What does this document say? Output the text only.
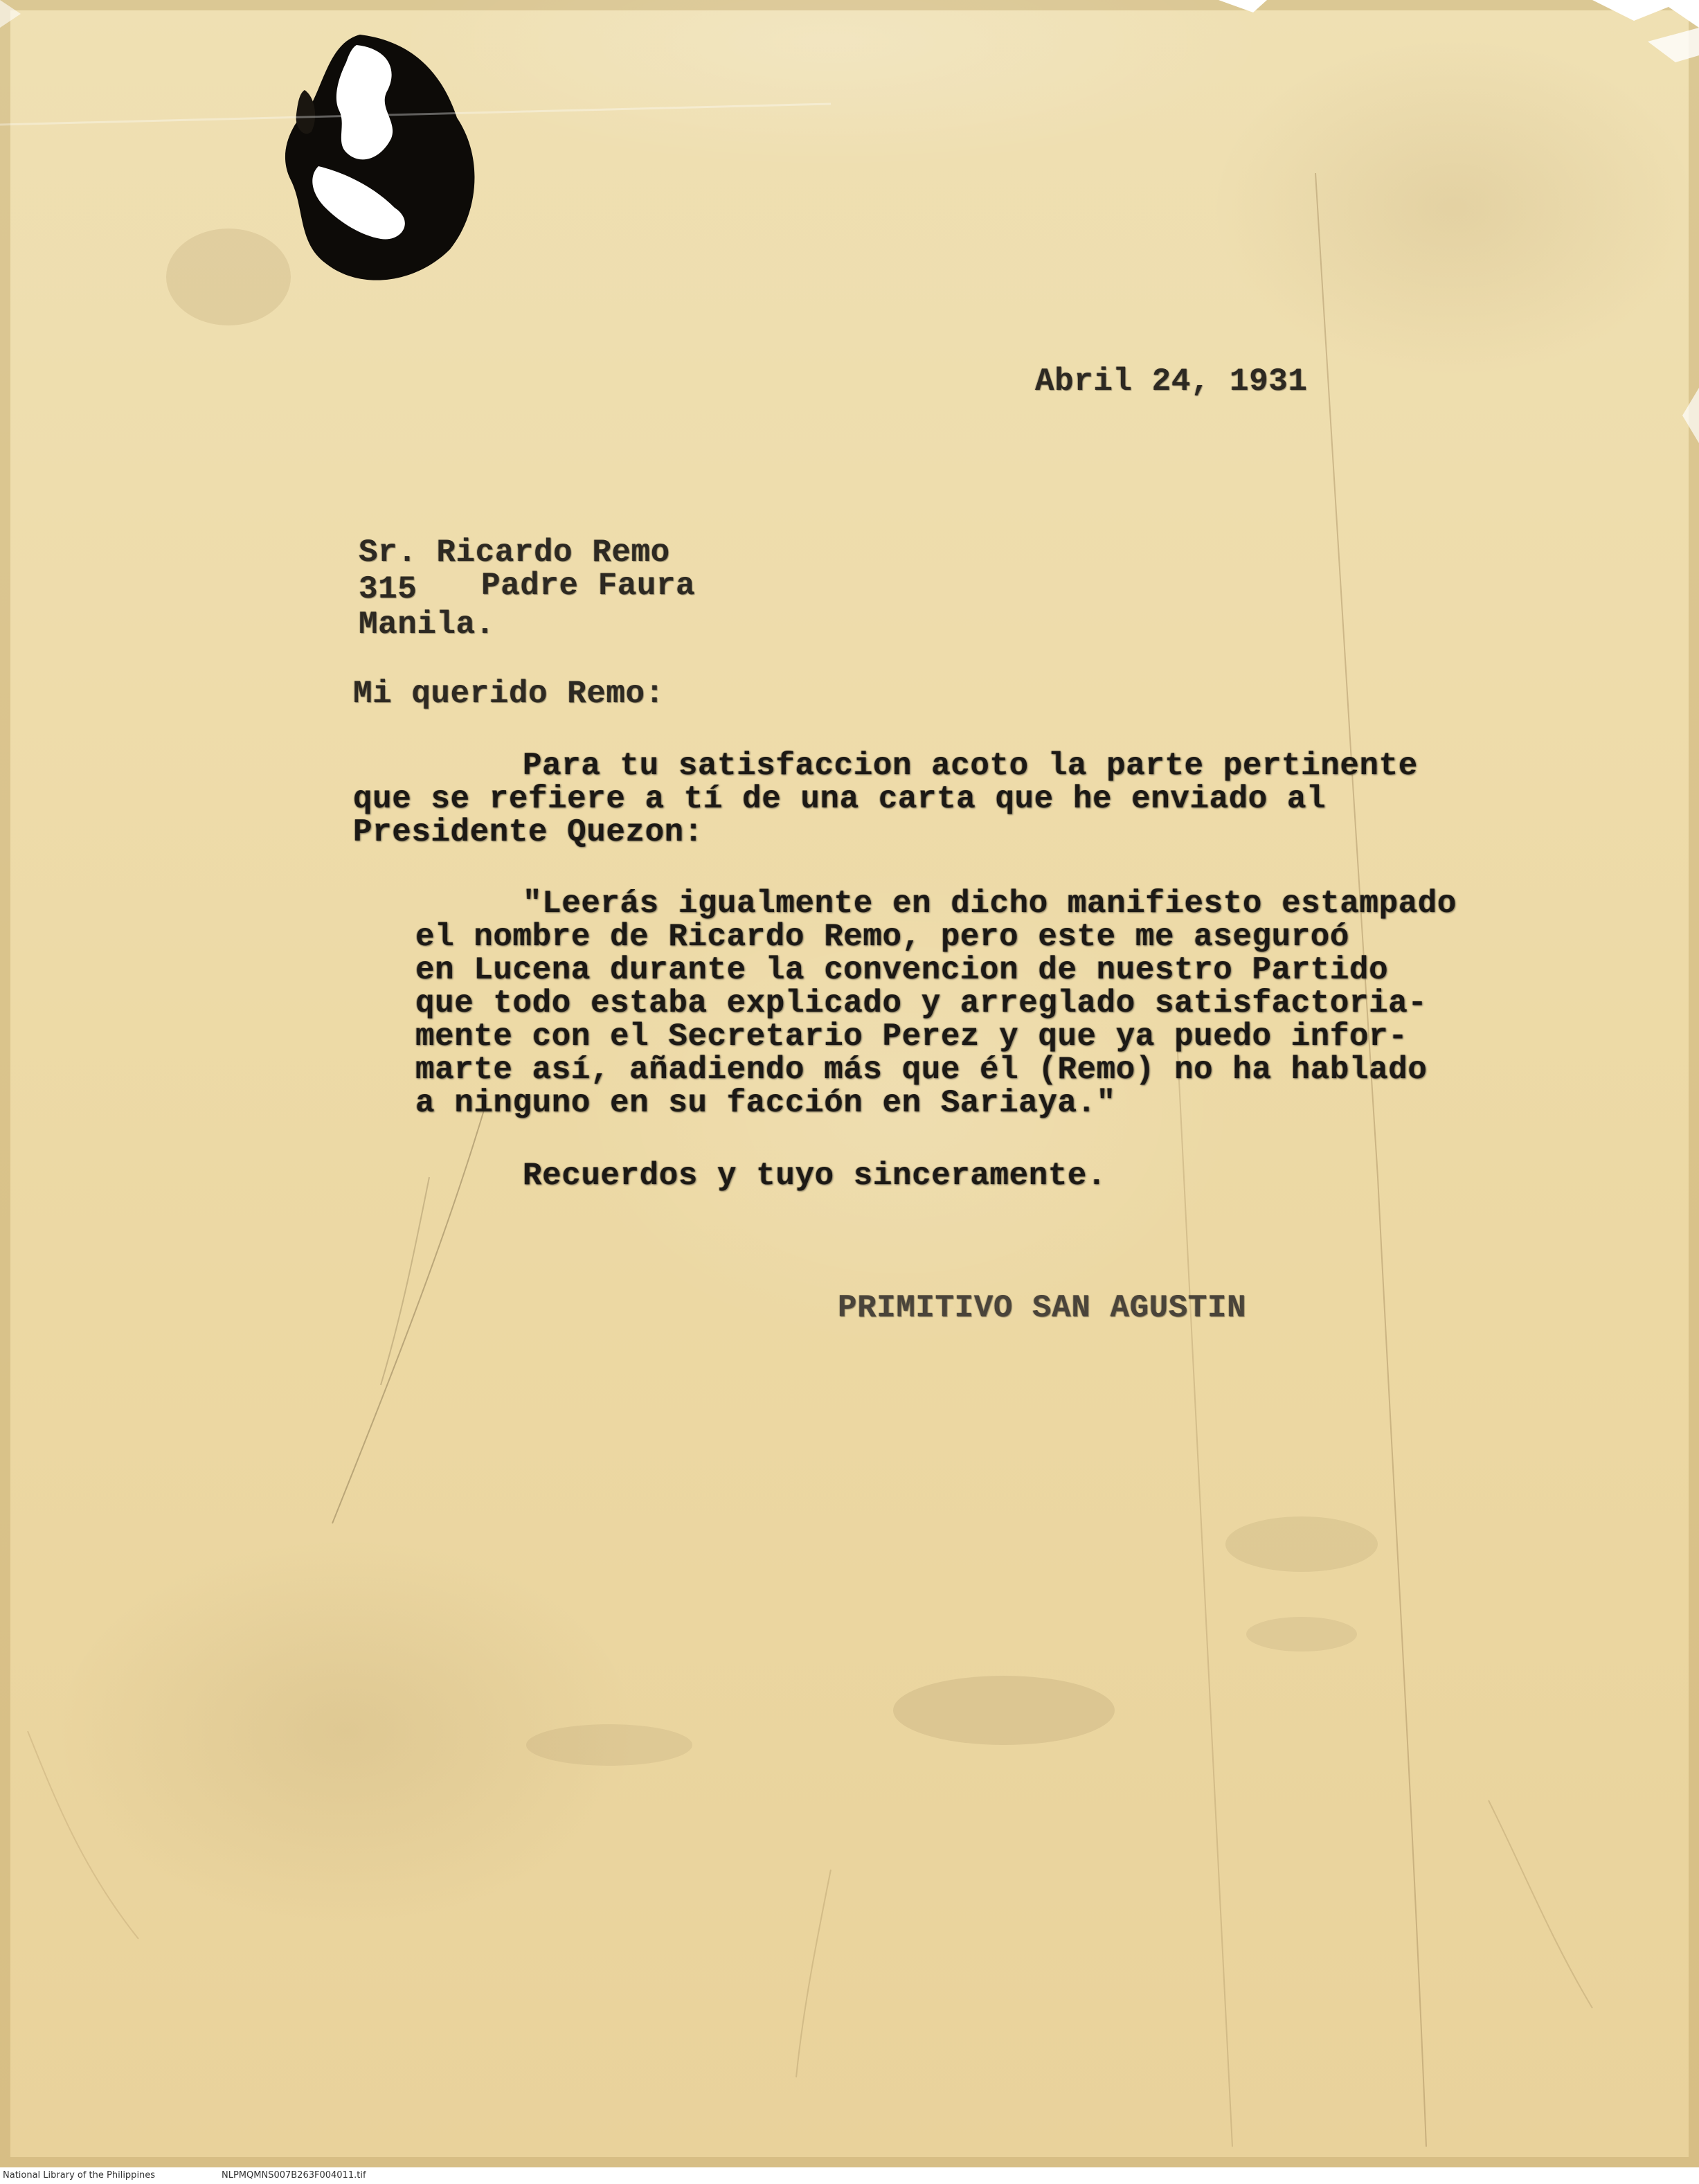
Abril 24, 1931
Sr. Ricardo Remo
315 Padre Faura
Manila.
Mi querido Remo:
Para tu satisfaccion acoto la parte pertinente
que se refiere a tí de una carta que he enviado al
Presidente Quezon:
"Leerás igualmente en dicho manifiesto estampado
el nombre de Ricardo Remo, pero este me aseguroó
en Lucena durante la convencion de nuestro Partido
que todo estaba explicado y arreglado satisfactoria-
mente con el Secretario Perez y que ya puedo infor-
marte así, añadiendo más que él (Remo) no ha hablado
a ninguno en su facción en Sariaya."
Recuerdos y tuyo sinceramente.
PRIMITIVO SAN AGUSTIN
National Library of the Philippines	NLPMQMNS007B263F004011.tif
